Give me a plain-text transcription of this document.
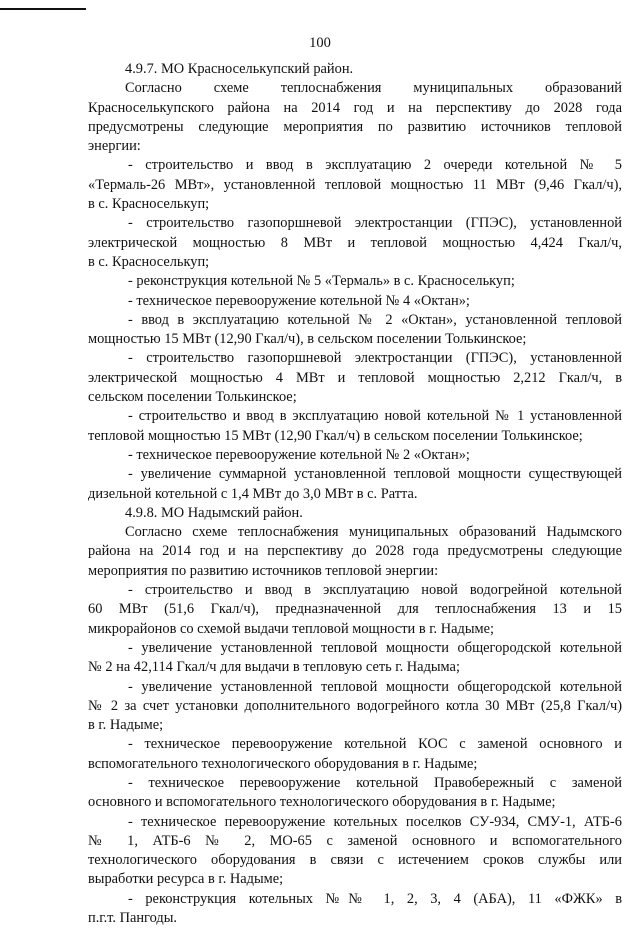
100
4.9.7. МО Красноселькупский район.
Согласно схеме теплоснабжения муниципальных образований
Красноселькупского района на 2014 год и на перспективу до 2028 года
предусмотрены следующие мероприятия по развитию источников тепловой
энергии:
- строительство и ввод в эксплуатацию 2 очереди котельной № 5
«Термаль-26 МВт», установленной тепловой мощностью 11 МВт (9,46 Гкал/ч),
в с. Красноселькуп;
- строительство газопоршневой электростанции (ГПЭС), установленной
электрической мощностью 8 МВт и тепловой мощностью 4,424 Гкал/ч,
в с. Красноселькуп;
- реконструкция котельной № 5 «Термаль» в с. Красноселькуп;
- техническое перевооружение котельной № 4 «Октан»;
- ввод в эксплуатацию котельной № 2 «Октан», установленной тепловой
мощностью 15 МВт (12,90 Гкал/ч), в сельском поселении Толькинское;
- строительство газопоршневой электростанции (ГПЭС), установленной
электрической мощностью 4 МВт и тепловой мощностью 2,212 Гкал/ч, в
сельском поселении Толькинское;
- строительство и ввод в эксплуатацию новой котельной № 1 установленной
тепловой мощностью 15 МВт (12,90 Гкал/ч) в сельском поселении Толькинское;
- техническое перевооружение котельной № 2 «Октан»;
- увеличение суммарной установленной тепловой мощности существующей
дизельной котельной с 1,4 МВт до 3,0 МВт в с. Ратта.
4.9.8. МО Надымский район.
Согласно схеме теплоснабжения муниципальных образований Надымского
района на 2014 год и на перспективу до 2028 года предусмотрены следующие
мероприятия по развитию источников тепловой энергии:
- строительство и ввод в эксплуатацию новой водогрейной котельной
60 МВт (51,6 Гкал/ч), предназначенной для теплоснабжения 13 и 15
микрорайонов со схемой выдачи тепловой мощности в г. Надыме;
- увеличение установленной тепловой мощности общегородской котельной
№ 2 на 42,114 Гкал/ч для выдачи в тепловую сеть г. Надыма;
- увеличение установленной тепловой мощности общегородской котельной
№ 2 за счет установки дополнительного водогрейного котла 30 МВт (25,8 Гкал/ч)
в г. Надыме;
- техническое перевооружение котельной КОС с заменой основного и
вспомогательного технологического оборудования в г. Надыме;
- техническое перевооружение котельной Правобережный с заменой
основного и вспомогательного технологического оборудования в г. Надыме;
- техническое перевооружение котельных поселков СУ-934, СМУ-1, АТБ-6
№ 1, АТБ-6 № 2, МО-65 с заменой основного и вспомогательного
технологического оборудования в связи с истечением сроков службы или
выработки ресурса в г. Надыме;
- реконструкция котельных №№ 1, 2, 3, 4 (АБА), 11 «ФЖК» в
п.г.т. Пангоды.
